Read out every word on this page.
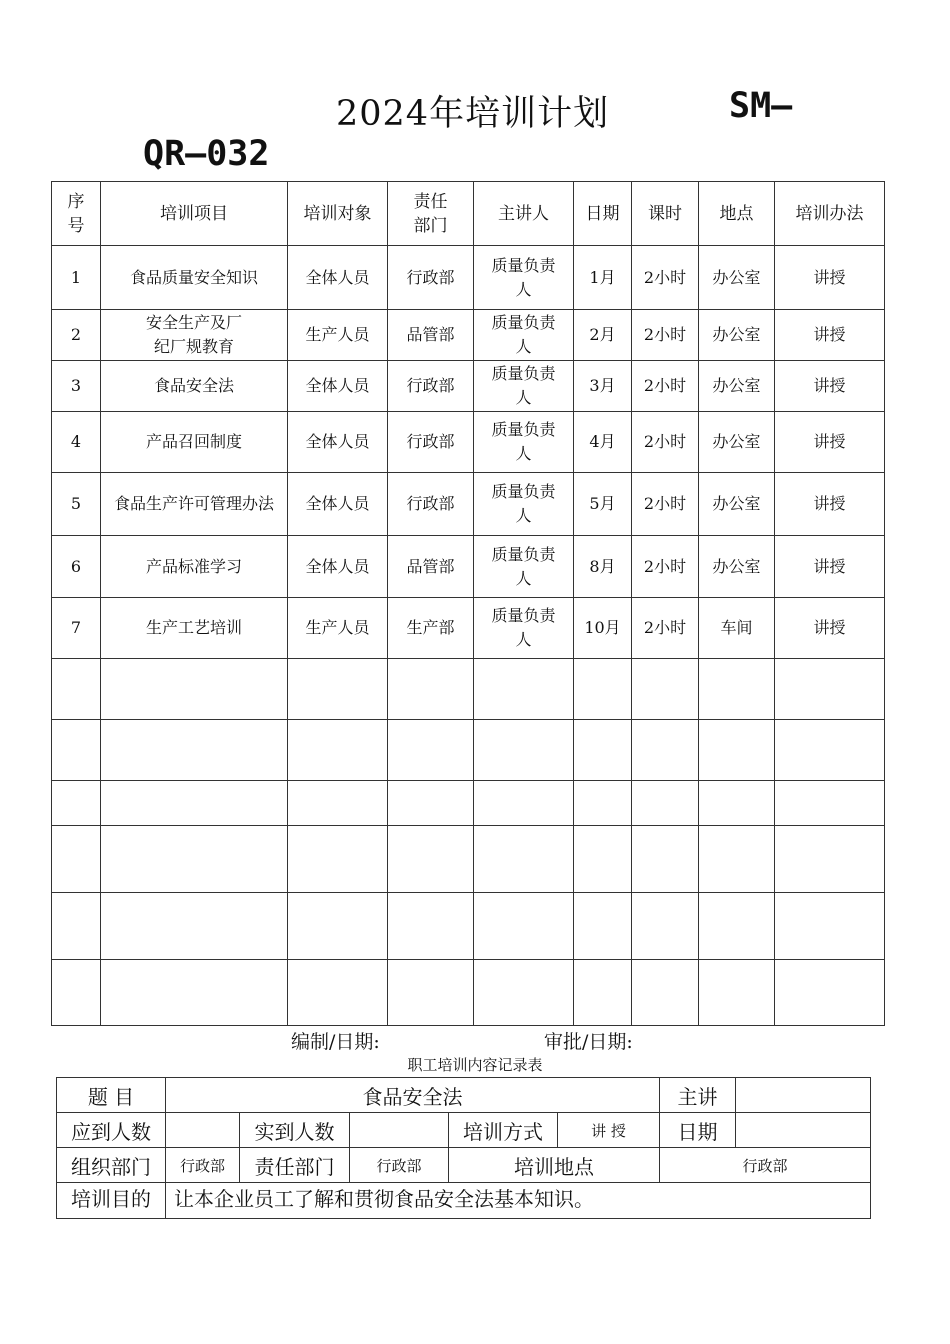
2024年培训计划	SM—
QR—032
序号	培训项目	培训对象	责任部门	主讲人	日期	课时	地点	培训办法
1	食品质量安全知识	全体人员	行政部	质量负责人	1月	2小时	办公室	讲授
2	安全生产及厂纪厂规教育	生产人员	品管部	质量负责人	2月	2小时	办公室	讲授
3	食品安全法	全体人员	行政部	质量负责人	3月	2小时	办公室	讲授
4	产品召回制度	全体人员	行政部	质量负责人	4月	2小时	办公室	讲授
5	食品生产许可管理办法	全体人员	行政部	质量负责人	5月	2小时	办公室	讲授
6	产品标准学习	全体人员	品管部	质量负责人	8月	2小时	办公室	讲授
7	生产工艺培训	生产人员	生产部	质量负责人	10月	2小时	车间	讲授

编制/日期:	审批/日期:
职工培训内容记录表
题 目	食品安全法					主讲	
应到人数		实到人数		培训方式	讲 授	日期	
组织部门	行政部	责任部门	行政部	培训地点		行政部	
培训目的	让本企业员工了解和贯彻食品安全法基本知识。						
